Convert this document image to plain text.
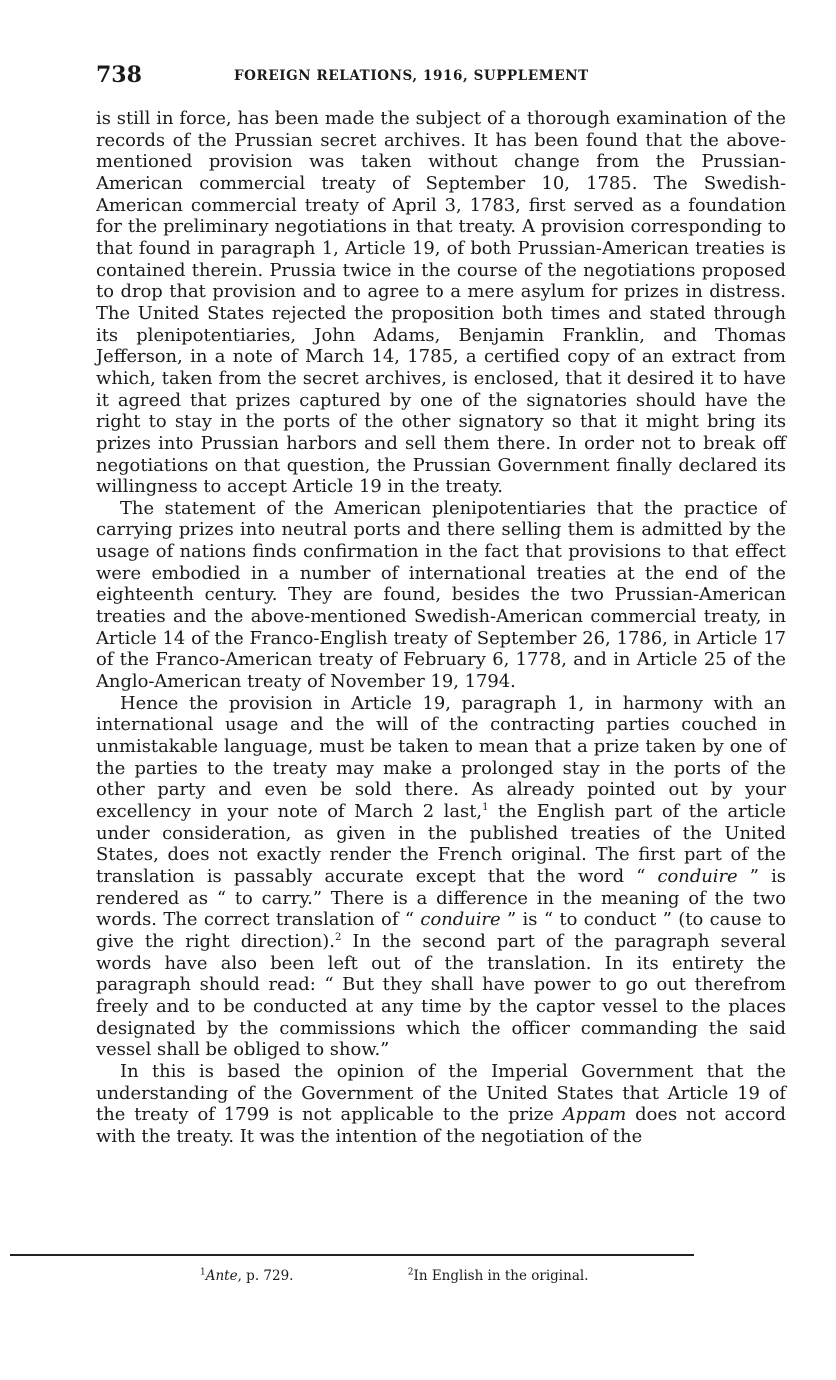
738	FOREIGN RELATIONS, 1916, SUPPLEMENT

is still in force, has been made the subject of a thorough examination of the records of the Prussian secret archives. It has been found that the above-mentioned provision was taken without change from the Prussian-American commercial treaty of September 10, 1785. The Swedish-American commercial treaty of April 3, 1783, first served as a foundation for the preliminary negotiations in that treaty. A provision corresponding to that found in paragraph 1, Article 19, of both Prussian-American treaties is contained therein. Prussia twice in the course of the negotiations proposed to drop that provision and to agree to a mere asylum for prizes in distress. The United States rejected the proposition both times and stated through its plenipotentiaries, John Adams, Benjamin Franklin, and Thomas Jefferson, in a note of March 14, 1785, a certified copy of an extract from which, taken from the secret archives, is enclosed, that it desired it to have it agreed that prizes captured by one of the signatories should have the right to stay in the ports of the other signatory so that it might bring its prizes into Prussian harbors and sell them there. In order not to break off negotiations on that question, the Prussian Government finally declared its willingness to accept Article 19 in the treaty.

The statement of the American plenipotentiaries that the practice of carrying prizes into neutral ports and there selling them is admitted by the usage of nations finds confirmation in the fact that provisions to that effect were embodied in a number of international treaties at the end of the eighteenth century. They are found, besides the two Prussian-American treaties and the above-mentioned Swedish-American commercial treaty, in Article 14 of the Franco-English treaty of September 26, 1786, in Article 17 of the Franco-American treaty of February 6, 1778, and in Article 25 of the Anglo-American treaty of November 19, 1794.

Hence the provision in Article 19, paragraph 1, in harmony with an international usage and the will of the contracting parties couched in unmistakable language, must be taken to mean that a prize taken by one of the parties to the treaty may make a prolonged stay in the ports of the other party and even be sold there. As already pointed out by your excellency in your note of March 2 last,$^1$ the English part of the article under consideration, as given in the published treaties of the United States, does not exactly render the French original. The first part of the translation is passably accurate except that the word “ conduire ” is rendered as “ to carry.” There is a difference in the meaning of the two words. The correct translation of “ conduire ” is “ to conduct ” (to cause to give the right direction).$^2$ In the second part of the paragraph several words have also been left out of the translation. In its entirety the paragraph should read: “ But they shall have power to go out therefrom freely and to be conducted at any time by the captor vessel to the places designated by the commissions which the officer commanding the said vessel shall be obliged to show.”

In this is based the opinion of the Imperial Government that the understanding of the Government of the United States that Article 19 of the treaty of 1799 is not applicable to the prize Appam does not accord with the treaty. It was the intention of the negotiation of the

$^1$Ante, p. 729.	$^2$In English in the original.
